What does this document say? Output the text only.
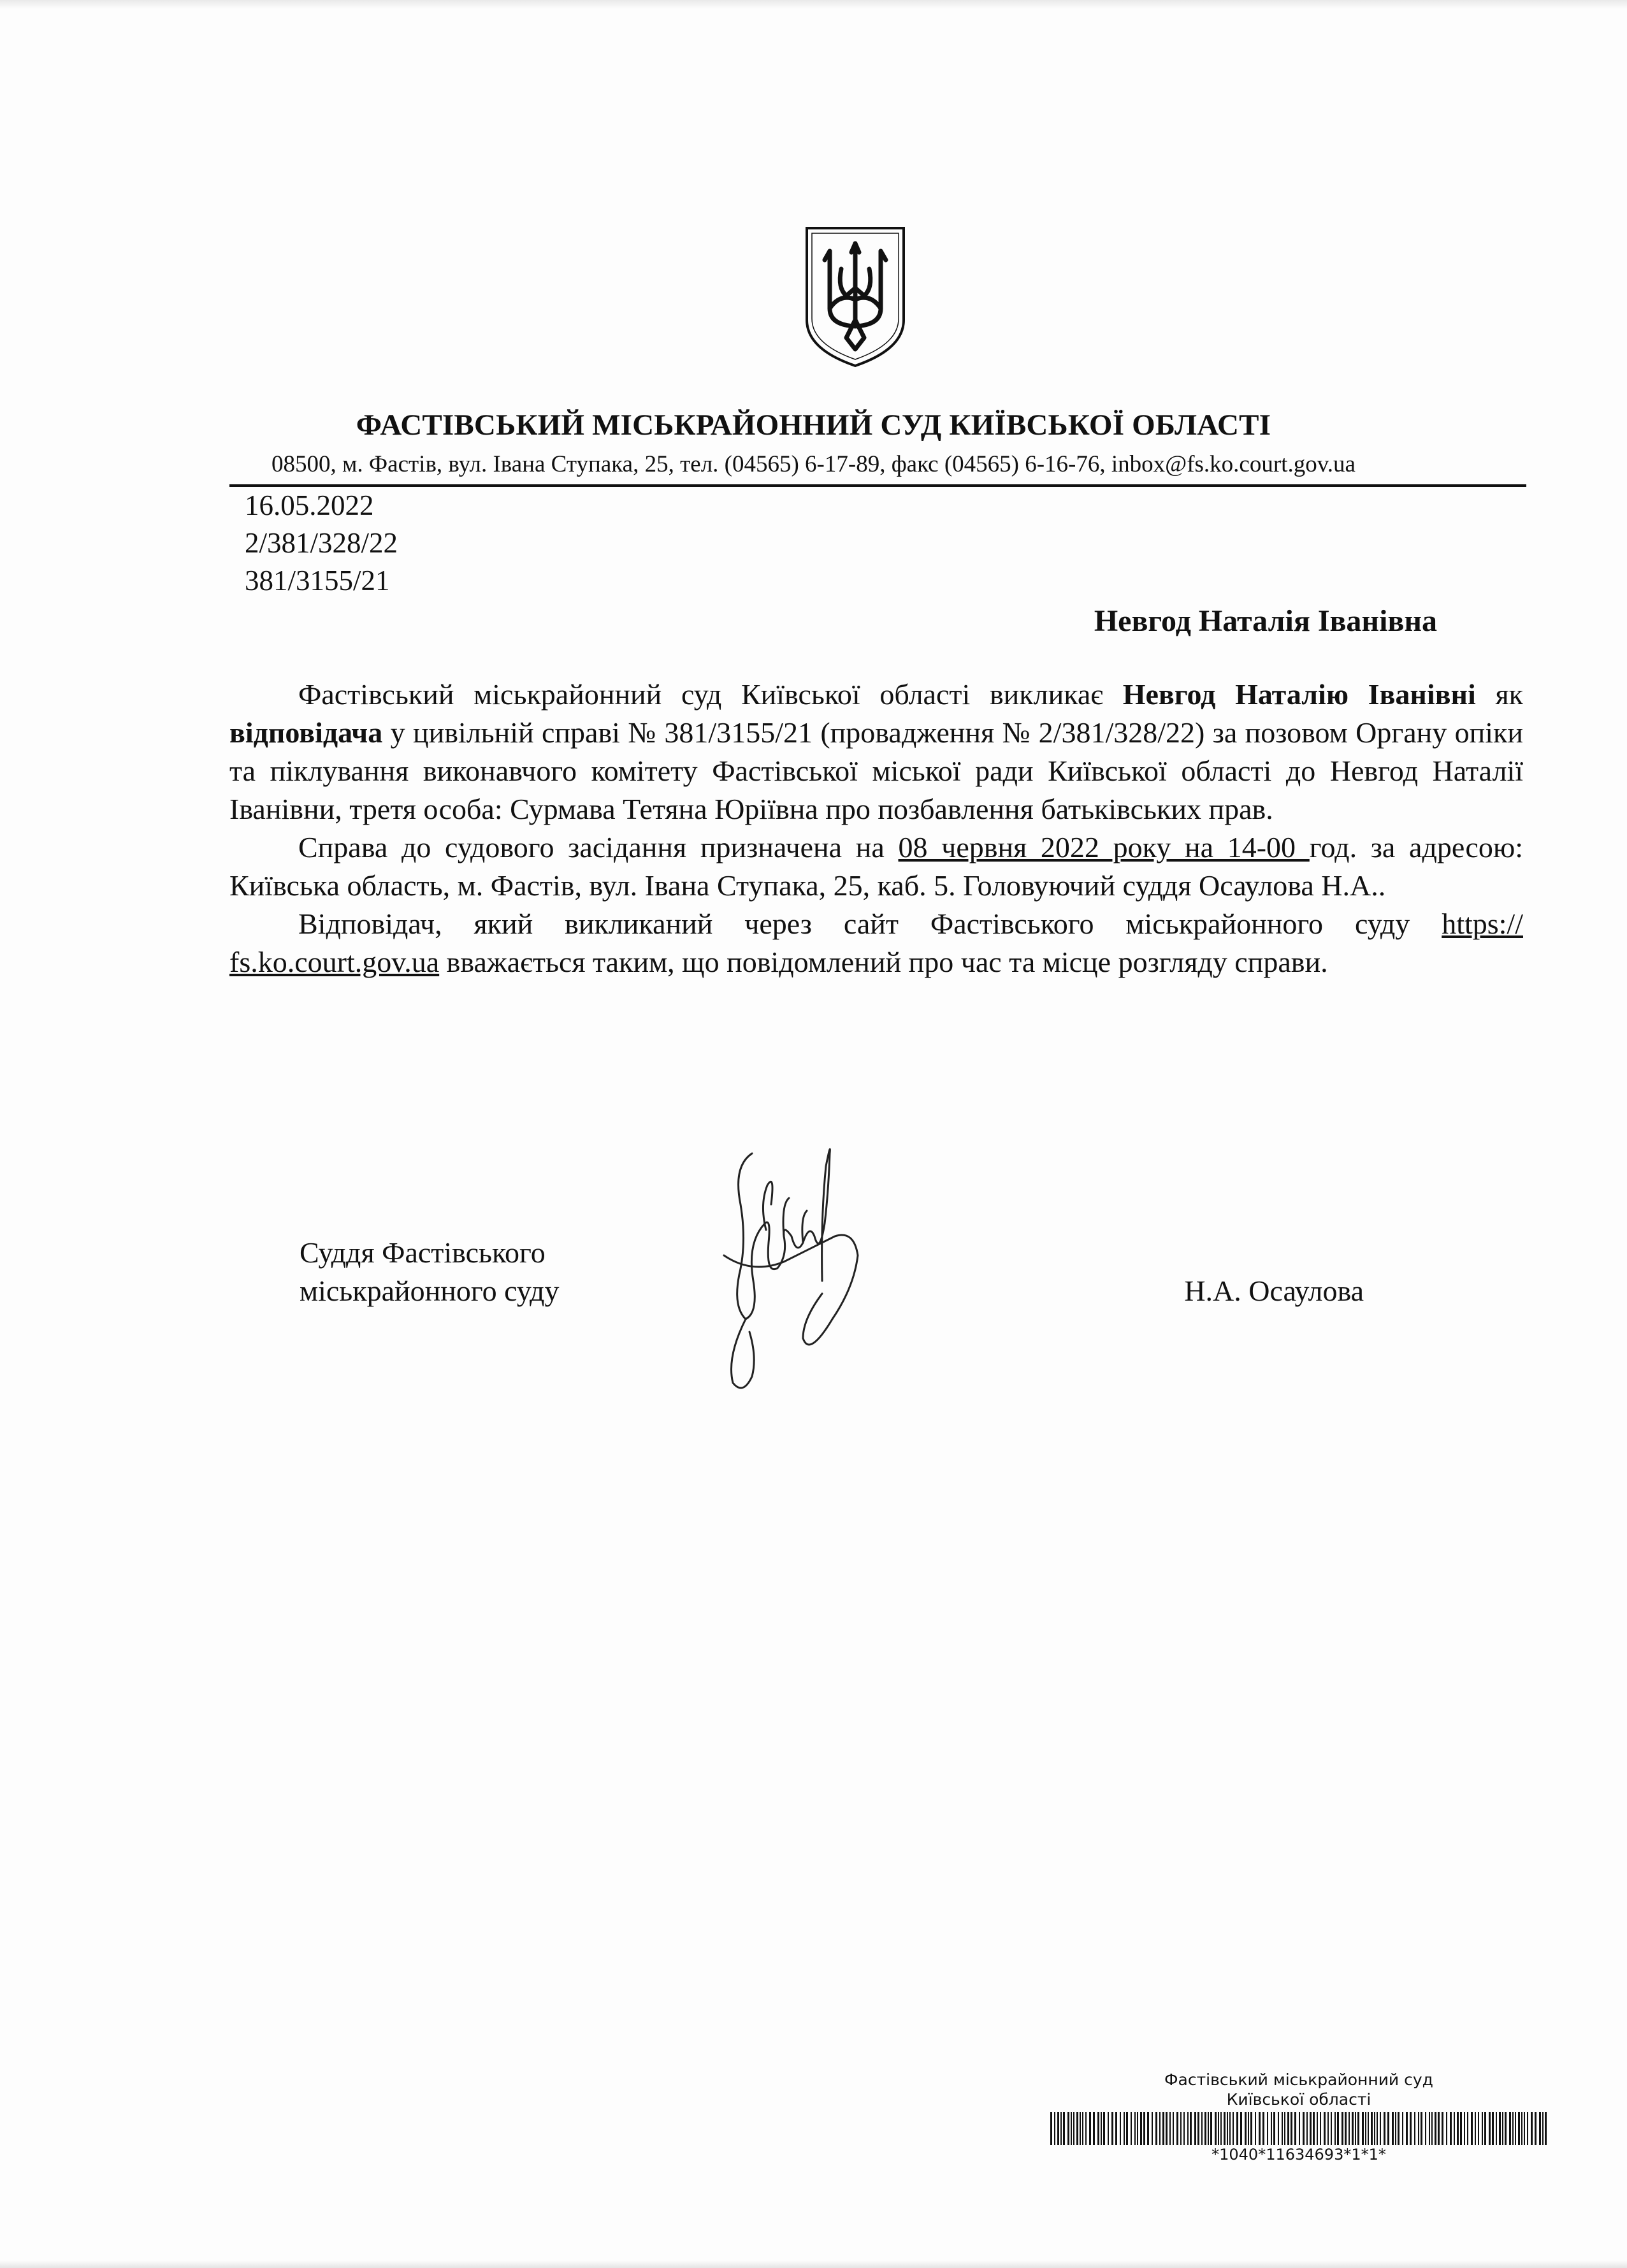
ФАСТІВСЬКИЙ МІСЬКРАЙОННИЙ СУД КИЇВСЬКОЇ ОБЛАСТІ
08500, м. Фастів, вул. Івана Ступака, 25, тел. (04565) 6-17-89, факс (04565) 6-16-76, inbox@fs.ko.court.gov.ua
16.05.2022
2/381/328/22
381/3155/21
Невгод Наталія Іванівна

Фастівський міськрайонний суд Київської області викликає Невгод Наталію Іванівні як відповідача у цивільній справі № 381/3155/21 (провадження № 2/381/328/22) за позовом Органу опіки та піклування виконавчого комітету Фастівської міської ради Київської області до Невгод Наталії Іванівни, третя особа: Сурмава Тетяна Юріївна про позбавлення батьківських прав.

Справа до судового засідання призначена на 08 червня 2022 року на 14-00 год. за адресою: Київська область, м. Фастів, вул. Івана Ступака, 25, каб. 5. Головуючий суддя Осаулова Н.А..

Відповідач, який викликаний через сайт Фастівського міськрайонного суду https:// fs.ko.court.gov.ua вважається таким, що повідомлений про час та місце розгляду справи.

Суддя Фастівського
міськрайонного суду	Н.А. Осаулова
Фастівський міськрайонний суд
Київської області
*1040*11634693*1*1*
